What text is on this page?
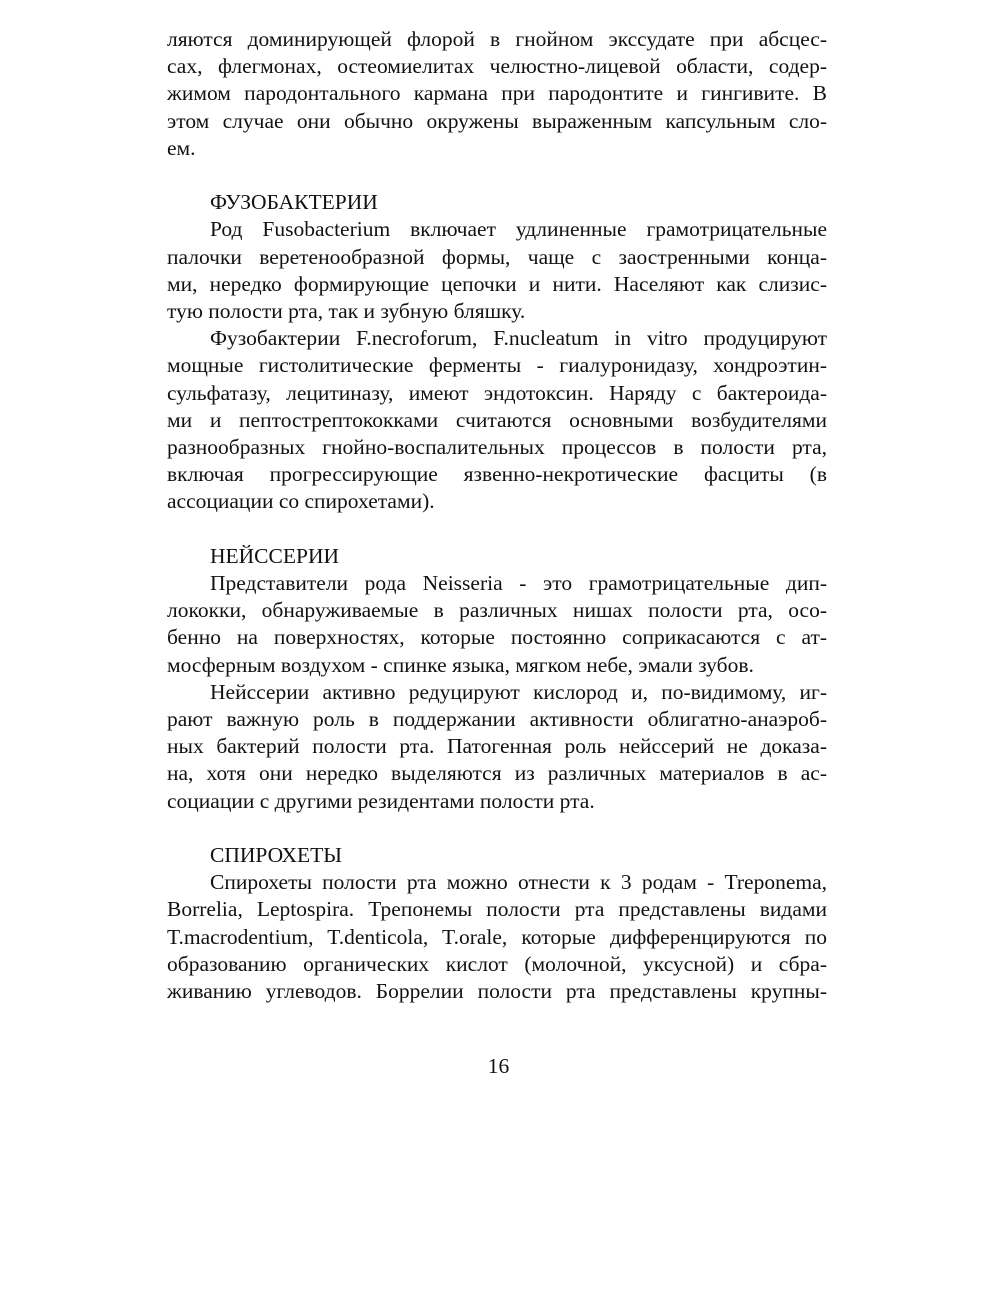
ляются доминирующей флорой в гнойном экссудате при абсцес-
сах, флегмонах, остеомиелитах челюстно-лицевой области, содер-
жимом пародонтального кармана при пародонтите и гингивите. В
этом случае они обычно окружены выраженным капсульным сло-
ем.
ФУЗОБАКТЕРИИ
Род Fusobacterium включает удлиненные грамотрицательные
палочки веретенообразной формы, чаще с заостренными конца-
ми, нередко формирующие цепочки и нити. Населяют как слизис-
тую полости рта, так и зубную бляшку.
Фузобактерии F.necroforum, F.nucleatum in vitro продуцируют
мощные гистолитические ферменты - гиалуронидазу, хондроэтин-
сульфатазу, лецитиназу, имеют эндотоксин. Наряду с бактероида-
ми и пептострептококками считаются основными возбудителями
разнообразных гнойно-воспалительных процессов в полости рта,
включая прогрессирующие язвенно-некротические фасциты (в
ассоциации со спирохетами).
НЕЙССЕРИИ
Представители рода Neisseria - это грамотрицательные дип-
лококки, обнаруживаемые в различных нишах полости рта, осо-
бенно на поверхностях, которые постоянно соприкасаются с ат-
мосферным воздухом - спинке языка, мягком небе, эмали зубов.
Нейссерии активно редуцируют кислород и, по-видимому, иг-
рают важную роль в поддержании активности облигатно-анаэроб-
ных бактерий полости рта. Патогенная роль нейссерий не доказа-
на, хотя они нередко выделяются из различных материалов в ас-
социации с другими резидентами полости рта.
СПИРОХЕТЫ
Спирохеты полости рта можно отнести к 3 родам - Treponema,
Borrelia, Leptospira. Трепонемы полости рта представлены видами
T.macrodentium, T.denticola, T.orale, которые дифференцируются по
образованию органических кислот (молочной, уксусной) и сбра-
живанию углеводов. Боррелии полости рта представлены крупны-
16
